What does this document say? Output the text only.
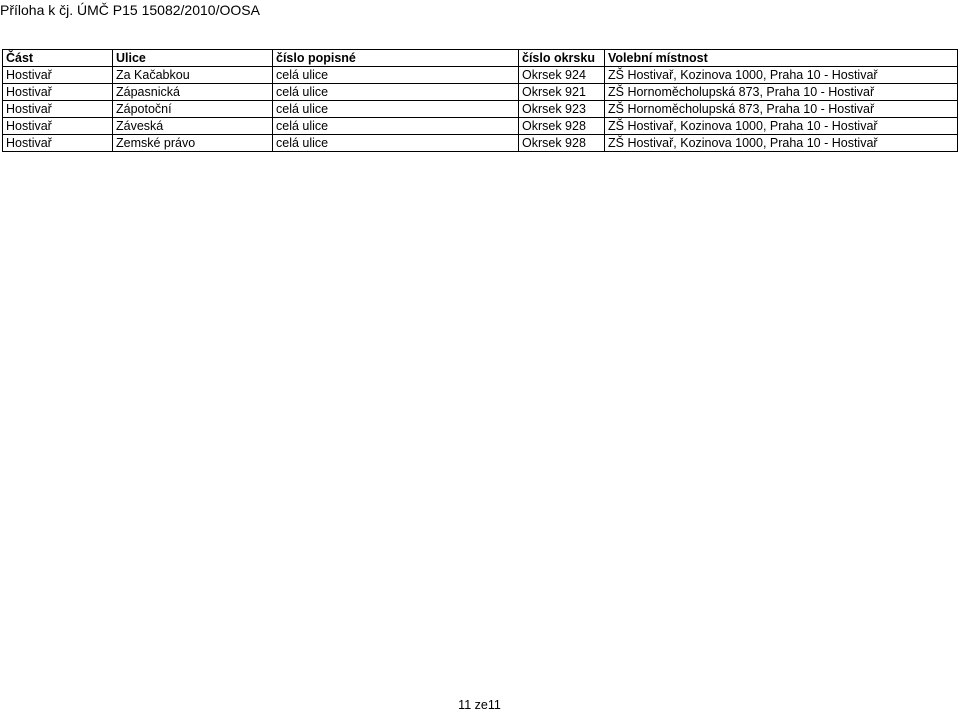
Příloha k čj. ÚMČ P15 15082/2010/OOSA
Část	Ulice	číslo popisné	číslo okrsku	Volební místnost
Hostivař	Za Kačabkou	celá ulice	Okrsek 924	ZŠ Hostivař, Kozinova 1000, Praha 10 - Hostivař
Hostivař	Zápasnická	celá ulice	Okrsek 921	ZŠ Hornoměcholupská 873, Praha 10 - Hostivař
Hostivař	Zápotoční	celá ulice	Okrsek 923	ZŠ Hornoměcholupská 873, Praha 10 - Hostivař
Hostivař	Záveská	celá ulice	Okrsek 928	ZŠ Hostivař, Kozinova 1000, Praha 10 - Hostivař
Hostivař	Zemské právo	celá ulice	Okrsek 928	ZŠ Hostivař, Kozinova 1000, Praha 10 - Hostivař
11 ze11
